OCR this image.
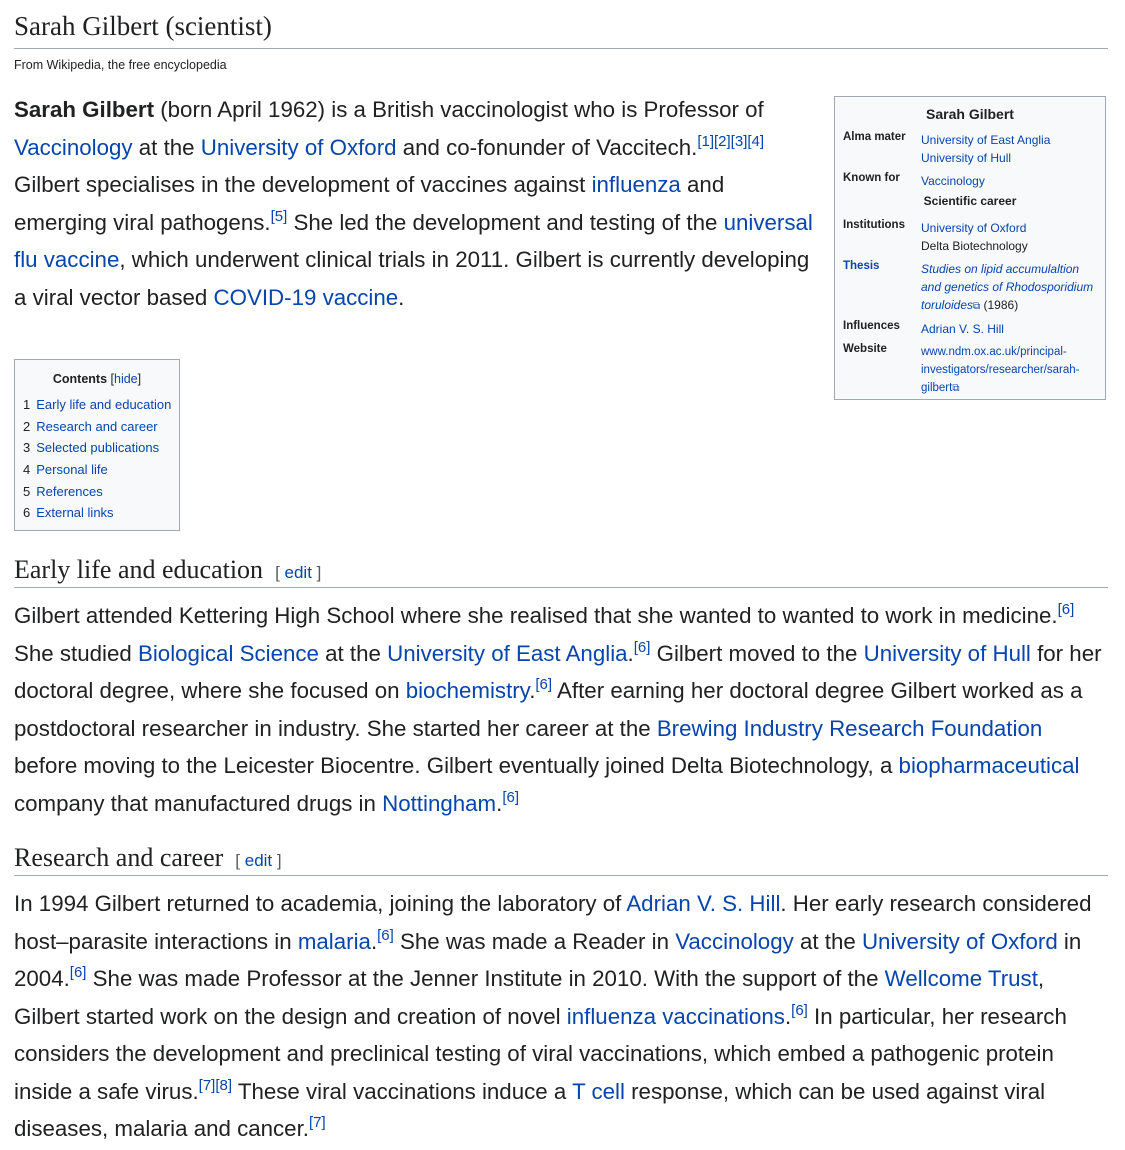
Sarah Gilbert (scientist)
From Wikipedia, the free encyclopedia

Sarah Gilbert (born April 1962) is a British vaccinologist who is Professor of Vaccinology at the University of Oxford and co-fonunder of Vaccitech.[1][2][3][4] Gilbert specialises in the development of vaccines against influenza and emerging viral pathogens.[5] She led the development and testing of the universal flu vaccine, which underwent clinical trials in 2011. Gilbert is currently developing a viral vector based COVID-19 vaccine.

Sarah Gilbert
Alma mater	University of East Anglia
University of Hull
Known for	Vaccinology
Scientific career
Institutions	University of Oxford
Delta Biotechnology
Thesis	Studies on lipid accumulaltion and genetics of Rhodosporidium toruloides⧉ (1986)
Influences	Adrian V. S. Hill
Website	www.ndm.ox.ac.uk/principal-investigators/researcher/sarah-gilbert⧉
Contents [hide]
1 Early life and education
2 Research and career
3 Selected publications
4 Personal life
5 References
6 External links
Early life and education [ edit ]

Gilbert attended Kettering High School where she realised that she wanted to wanted to work in medicine.[6] She studied Biological Science at the University of East Anglia.[6] Gilbert moved to the University of Hull for her doctoral degree, where she focused on biochemistry.[6] After earning her doctoral degree Gilbert worked as a postdoctoral researcher in industry. She started her career at the Brewing Industry Research Foundation before moving to the Leicester Biocentre. Gilbert eventually joined Delta Biotechnology, a biopharmaceutical company that manufactured drugs in Nottingham.[6]

Research and career [ edit ]

In 1994 Gilbert returned to academia, joining the laboratory of Adrian V. S. Hill. Her early research considered host–parasite interactions in malaria.[6] She was made a Reader in Vaccinology at the University of Oxford in 2004.[6] She was made Professor at the Jenner Institute in 2010. With the support of the Wellcome Trust, Gilbert started work on the design and creation of novel influenza vaccinations.[6] In particular, her research considers the development and preclinical testing of viral vaccinations, which embed a pathogenic protein inside a safe virus.[7][8] These viral vaccinations induce a T cell response, which can be used against viral diseases, malaria and cancer.[7]
